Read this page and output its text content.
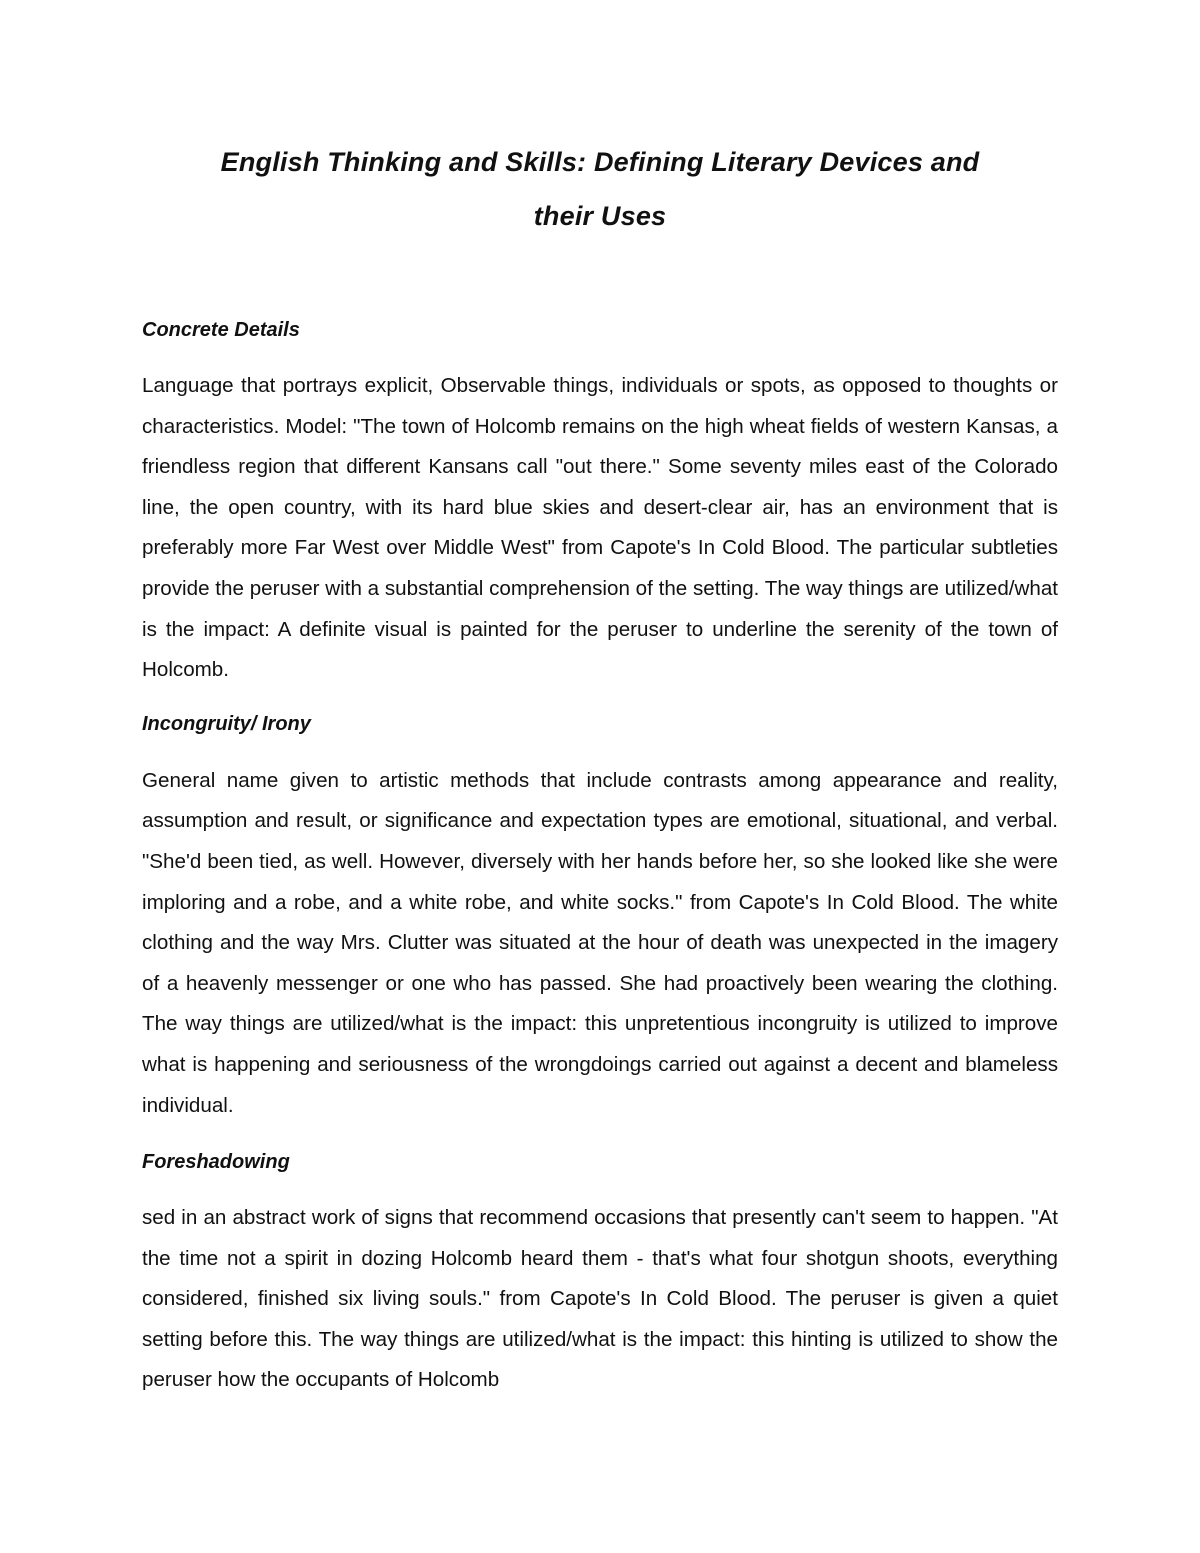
English Thinking and Skills: Defining Literary Devices and
their Uses
Concrete Details

Language that portrays explicit, Observable things, individuals or spots, as opposed to thoughts or characteristics. Model: "The town of Holcomb remains on the high wheat fields of western Kansas, a friendless region that different Kansans call "out there." Some seventy miles east of the Colorado line, the open country, with its hard blue skies and desert-clear air, has an environment that is preferably more Far West over Middle West" from Capote's In Cold Blood. The particular subtleties provide the peruser with a substantial comprehension of the setting. The way things are utilized/what is the impact: A definite visual is painted for the peruser to underline the serenity of the town of Holcomb.

Incongruity/ Irony

General name given to artistic methods that include contrasts among appearance and reality, assumption and result, or significance and expectation types are emotional, situational, and verbal. "She'd been tied, as well. However, diversely with her hands before her, so she looked like she were imploring and a robe, and a white robe, and white socks." from Capote's In Cold Blood. The white clothing and the way Mrs. Clutter was situated at the hour of death was unexpected in the imagery of a heavenly messenger or one who has passed. She had proactively been wearing the clothing. The way things are utilized/what is the impact: this unpretentious incongruity is utilized to improve what is happening and seriousness of the wrongdoings carried out against a decent and blameless individual.

Foreshadowing

sed in an abstract work of signs that recommend occasions that presently can't seem to happen. "At the time not a spirit in dozing Holcomb heard them - that's what four shotgun shoots, everything considered, finished six living souls." from Capote's In Cold Blood. The peruser is given a quiet setting before this. The way things are utilized/what is the impact: this hinting is utilized to show the peruser how the occupants of Holcomb
